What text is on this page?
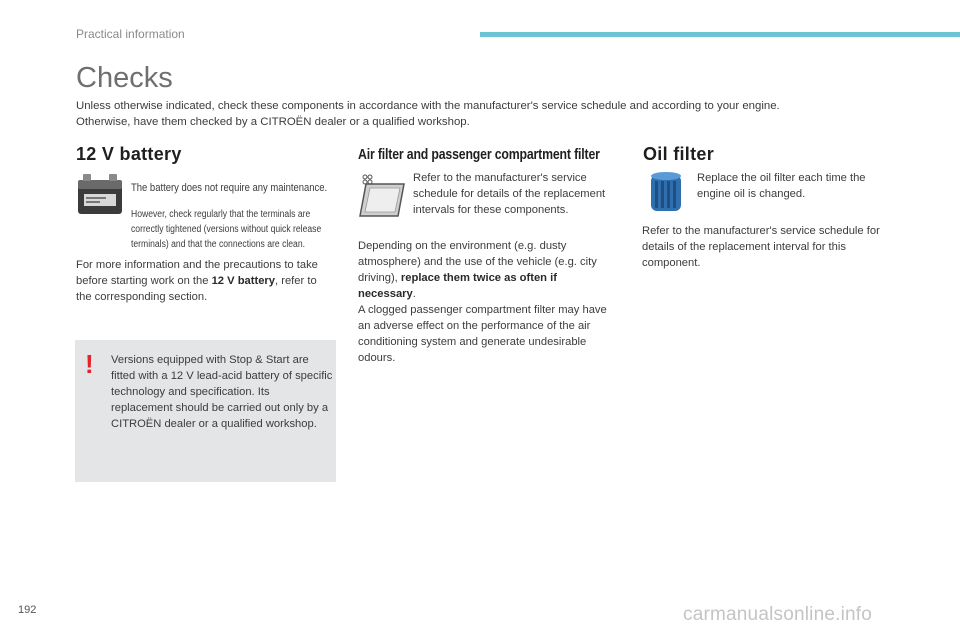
Practical information
Checks

Unless otherwise indicated, check these components in accordance with the manufacturer's service schedule and according to your engine.

Otherwise, have them checked by a CITROËN dealer or a qualified workshop.

12 V battery

The battery does not require any maintenance.

However, check regularly that the terminals are correctly tightened (versions without quick release terminals) and that the connections are clean.

For more information and the precautions to take before starting work on the 12 V battery, refer to the corresponding section.
! Versions equipped with Stop & Start are fitted with a 12 V lead-acid battery of specific technology and specification. Its replacement should be carried out only by a CITROËN dealer or a qualified workshop.
Air filter and passenger compartment filter
Refer to the manufacturer's service schedule for details of the replacement intervals for these components.

Depending on the environment (e.g. dusty atmosphere) and the use of the vehicle (e.g. city driving), replace them twice as often if necessary.

A clogged passenger compartment filter may have an adverse effect on the performance of the air conditioning system and generate undesirable odours.

Oil filter
Replace the oil filter each time the engine oil is changed.
Refer to the manufacturer's service schedule for details of the replacement interval for this component.
192	carmanualsonline.info
